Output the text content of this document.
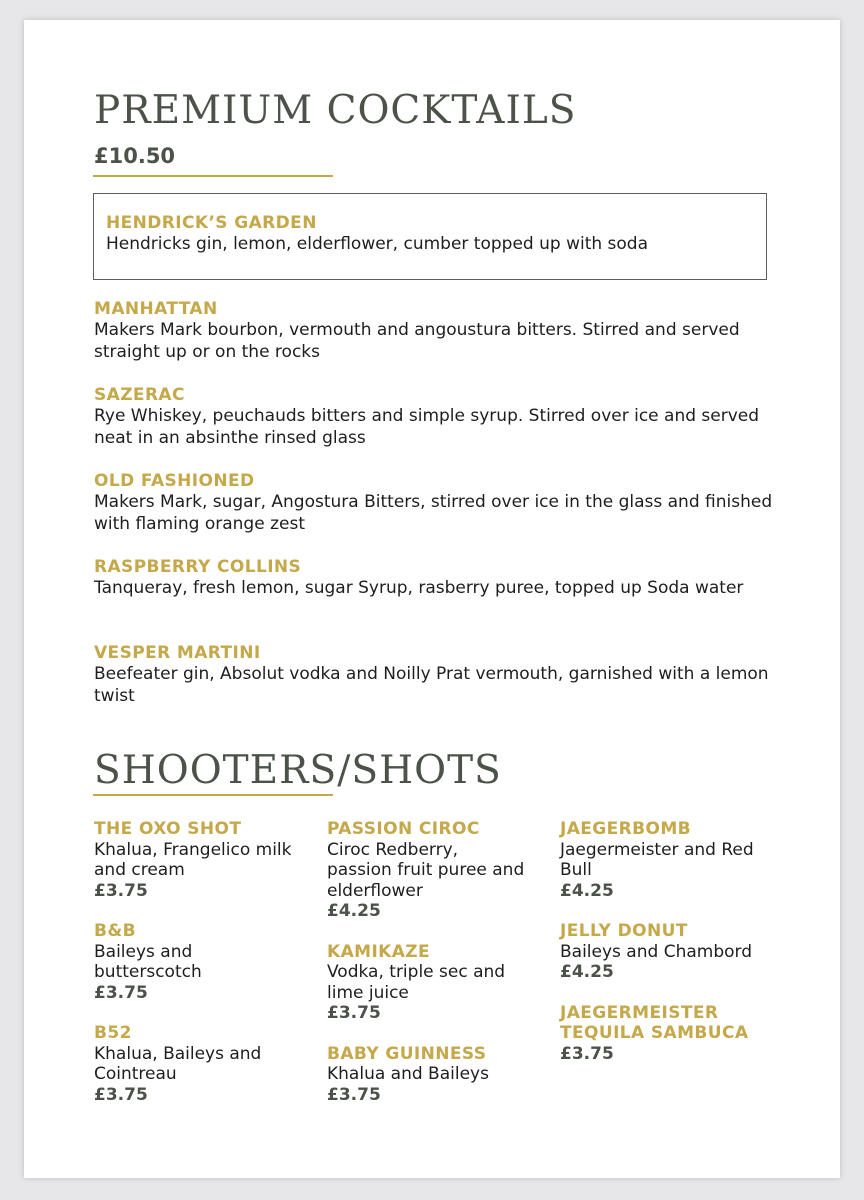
PREMIUM COCKTAILS
£10.50
HENDRICK’S GARDEN
Hendricks gin, lemon, elderflower, cumber topped up with soda
MANHATTAN
Makers Mark bourbon, vermouth and angoustura bitters. Stirred and served straight up or on the rocks
SAZERAC
Rye Whiskey, peuchauds bitters and simple syrup. Stirred over ice and served neat in an absinthe rinsed glass
OLD FASHIONED
Makers Mark, sugar, Angostura Bitters, stirred over ice in the glass and finished with flaming orange zest
RASPBERRY COLLINS
Tanqueray, fresh lemon, sugar Syrup, rasberry puree, topped up Soda water
VESPER MARTINI
Beefeater gin, Absolut vodka and Noilly Prat vermouth, garnished with a lemon twist
SHOOTERS/SHOTS
THE OXO SHOT
Khalua, Frangelico milk and cream
£3.75
B&B
Baileys and butterscotch
£3.75
B52
Khalua, Baileys and Cointreau
£3.75
PASSION CIROC
Ciroc Redberry, passion fruit puree and elderflower
£4.25
KAMIKAZE
Vodka, triple sec and lime juice
£3.75
BABY GUINNESS
Khalua and Baileys
£3.75
JAEGERBOMB
Jaegermeister and Red Bull
£4.25
JELLY DONUT
Baileys and Chambord
£4.25
JAEGERMEISTER TEQUILA SAMBUCA
£3.75
